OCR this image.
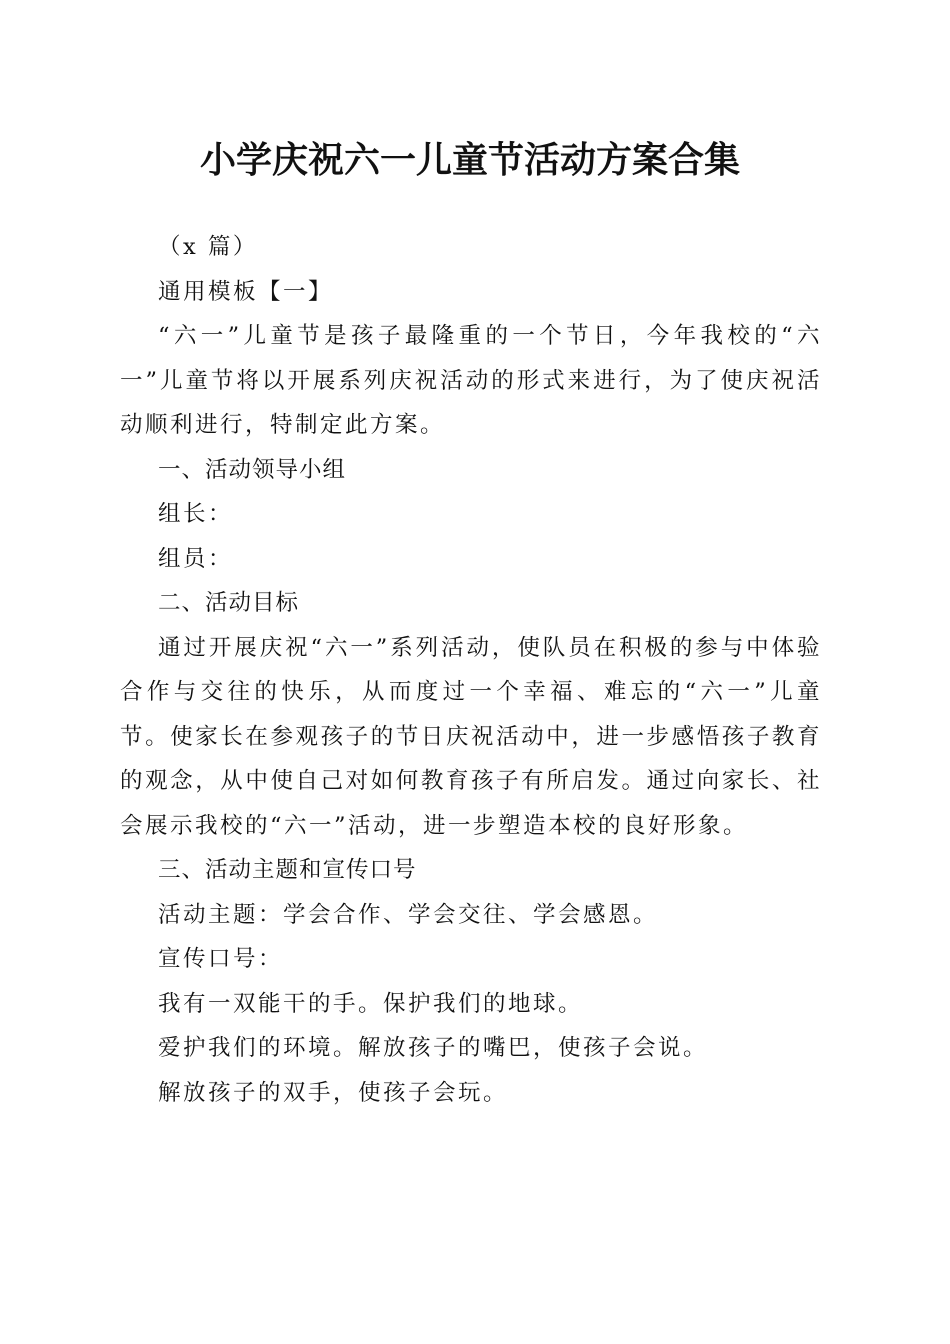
小学庆祝六一儿童节活动方案合集

（x 篇）

通用模板【一】

“六一”儿童节是孩子最隆重的一个节日，今年我校的“六一”儿童节将以开展系列庆祝活动的形式来进行，为了使庆祝活动顺利进行，特制定此方案。

一、活动领导小组

组长：

组员：

二、活动目标

通过开展庆祝“六一”系列活动，使队员在积极的参与中体验合作与交往的快乐，从而度过一个幸福、难忘的“六一”儿童节。使家长在参观孩子的节日庆祝活动中，进一步感悟孩子教育的观念，从中使自己对如何教育孩子有所启发。通过向家长、社会展示我校的“六一”活动，进一步塑造本校的良好形象。

三、活动主题和宣传口号

活动主题：学会合作、学会交往、学会感恩。

宣传口号：

我有一双能干的手。保护我们的地球。

爱护我们的环境。解放孩子的嘴巴，使孩子会说。

解放孩子的双手，使孩子会玩。
